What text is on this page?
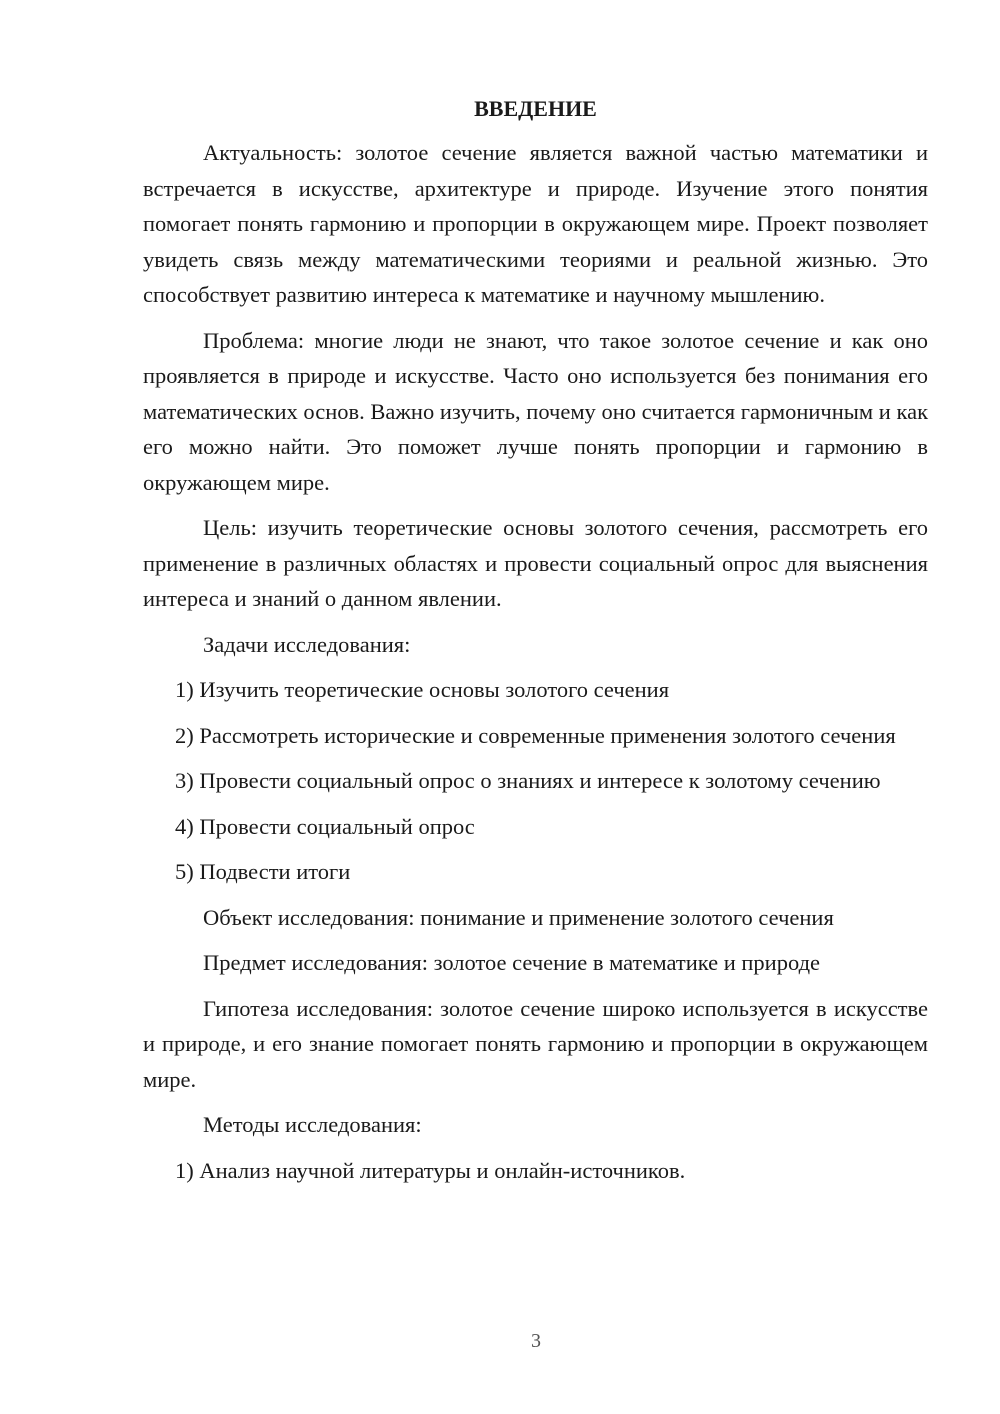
ВВЕДЕНИЕ

Актуальность: золотое сечение является важной частью математики и встречается в искусстве, архитектуре и природе. Изучение этого понятия помогает понять гармонию и пропорции в окружающем мире. Проект позволяет увидеть связь между математическими теориями и реальной жизнью. Это способствует развитию интереса к математике и научному мышлению.

Проблема: многие люди не знают, что такое золотое сечение и как оно проявляется в природе и искусстве. Часто оно используется без понимания его математических основ. Важно изучить, почему оно считается гармоничным и как его можно найти. Это поможет лучше понять пропорции и гармонию в окружающем мире.

Цель: изучить теоретические основы золотого сечения, рассмотреть его применение в различных областях и провести социальный опрос для выяснения интереса и знаний о данном явлении.

Задачи исследования:

1) Изучить теоретические основы золотого сечения

2) Рассмотреть исторические и современные применения золотого сечения

3) Провести социальный опрос о знаниях и интересе к золотому сечению

4) Провести социальный опрос

5) Подвести итоги

Объект исследования: понимание и применение золотого сечения

Предмет исследования: золотое сечение в математике и природе

Гипотеза исследования: золотое сечение широко используется в искусстве и природе, и его знание помогает понять гармонию и пропорции в окружающем мире.

Методы исследования:

1) Анализ научной литературы и онлайн-источников.

3
